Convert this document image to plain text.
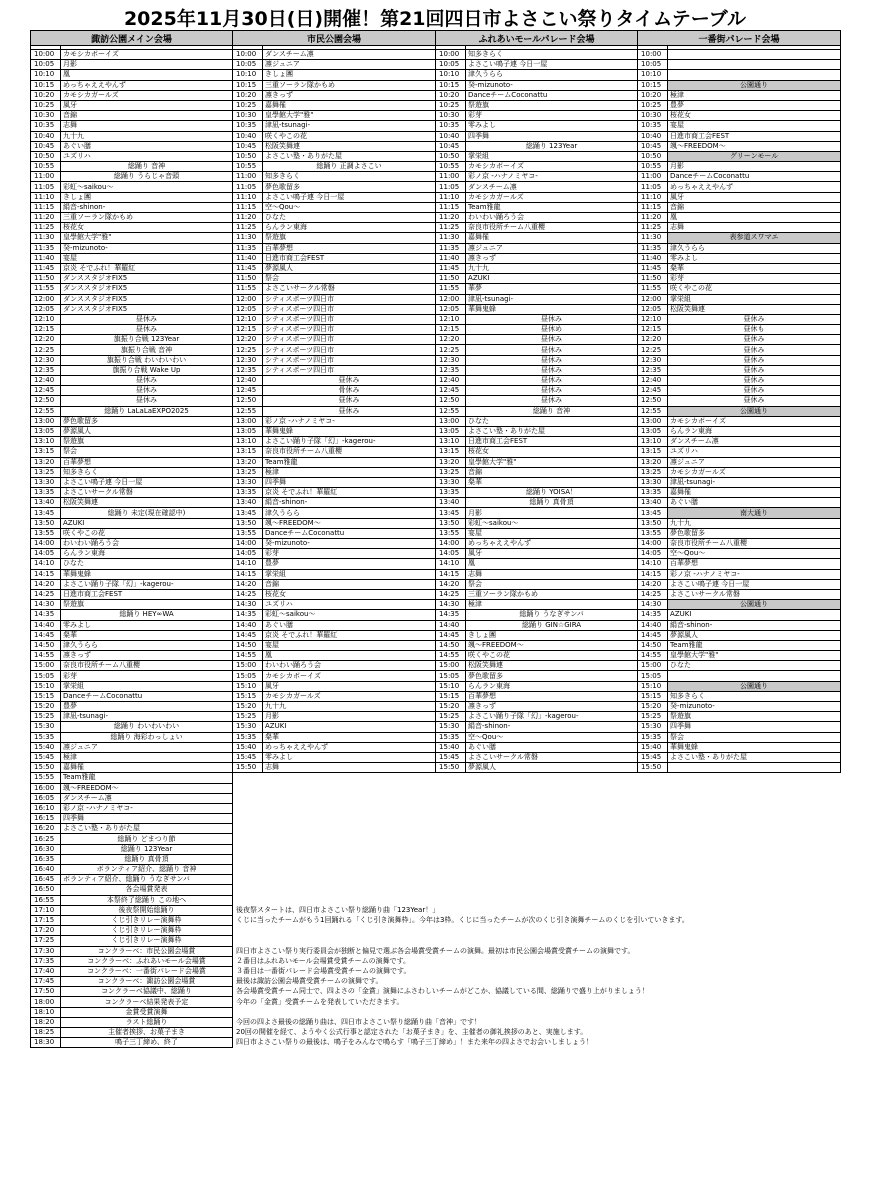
2025年11月30日(日)開催！第21回四日市よさこい祭りタイムテーブル
諏訪公園メイン会場		市民公園会場		ふれあいモールパレード会場		一番街パレード会場	

10:00	カモシカボーイズ	10:00	ダンスチーム凛	10:00	知多きらく	10:00	
10:05	月影	10:05	凛ジュニア	10:05	よさこい鳴子連 今日一屋	10:05	
10:10	凰	10:10	きしょ團	10:10	津久うらら	10:10	
10:15	めっちゃええやんず	10:15	三重ソーラン隊かもめ	10:15	癸-mizunoto-	10:15	公園通り
10:20	カモシカガールズ	10:20	凛きっず	10:20	DanceチームCoconattu	10:20	極津
10:25	風牙	10:25	嘉舞罹	10:25	祭遊旗	10:25	豊夢
10:30	音錦	10:30	皇學館大学"雅"	10:30	彩芽	10:30	桜花女
10:35	志舞	10:35	津凪-tsunagi-	10:35	零みよし	10:35	宴屋
10:40	九十九	10:40	咲くやこの花	10:40	四季舞	10:40	日進市商工会FEST
10:45	あぐい膳	10:45	松阪笑舞連	10:45	総踊り 123Year	10:45	颯〜FREEDOM〜
10:50	ユズリハ	10:50	よさこい塾・ありがた屋	10:50	掌栄組	10:50	グリーンモール
10:55	総踊り 音神	10:55	総踊り 正調よさこい	10:55	カモシカボーイズ	10:55	月影
11:00	総踊り うらじゃ音頭	11:00	知多きらく	11:00	彩ノ京 -ハナノミヤコ-	11:00	DanceチームCoconattu
11:05	彩虹〜saikou〜	11:05	夢色歌留多	11:05	ダンスチーム凛	11:05	めっちゃええやんず
11:10	きしょ團	11:10	よさこい鳴子連 今日一屋	11:10	カモシカガールズ	11:10	風牙
11:15	絹音-shinon-	11:15	空〜Qou〜	11:15	Team雅龍	11:15	音錦
11:20	三重ソーラン隊かもめ	11:20	ひなた	11:20	わいわい踊ろう会	11:20	凰
11:25	桜花女	11:25	らんラン東海	11:25	奈良市役所チーム八重櫻	11:25	志舞
11:30	皇學館大学"雅"	11:30	祭遊旗	11:30	嘉舞罹	11:30	表参道スワマエ
11:35	癸-mizunoto-	11:35	百華夢想	11:35	凛ジュニア	11:35	津久うらら
11:40	宴屋	11:40	日進市商工会FEST	11:40	凛きっず	11:40	零みよし
11:45	京炎 そでふれ！華羅紅	11:45	夢源風人	11:45	九十九	11:45	粲華
11:50	ダンススタジオFIX5	11:50	祭会	11:50	AZUKI	11:50	彩芽
11:55	ダンススタジオFIX5	11:55	よさこいサークル常磐	11:55	華夢	11:55	咲くやこの花
12:00	ダンススタジオFIX5	12:00	シティスポーツ四日市	12:00	津凪-tsunagi-	12:00	掌栄組
12:05	ダンススタジオFIX5	12:05	シティスポーツ四日市	12:05	華舞鬼蜂	12:05	松阪笑舞連
12:10	昼休み	12:10	シティスポーツ四日市	12:10	昼休み	12:10	昼休み
12:15	昼休み	12:15	シティスポーツ四日市	12:15	昼休め	12:15	昼休も
12:20	旗振り合戦 123Year	12:20	シティスポーツ四日市	12:20	昼休み	12:20	昼休み
12:25	旗振り合戦 音神	12:25	シティスポーツ四日市	12:25	昼休み	12:25	昼休み
12:30	旗振り合戦 わいわいわい	12:30	シティスポーツ四日市	12:30	昼休み	12:30	昼休み
12:35	旗振り合戦 Wake Up	12:35	シティスポーツ四日市	12:35	昼休み	12:35	昼休み
12:40	昼休み	12:40	昼休み	12:40	昼休み	12:40	昼休み
12:45	昼休み	12:45	骨休み	12:45	昼休み	12:45	昼休み
12:50	昼休み	12:50	昼休み	12:50	昼休み	12:50	昼休み
12:55	総踊り LaLaLaEXPO2025	12:55	昼休み	12:55	総踊り 音神	12:55	公園通り
13:00	夢色歌留多	13:00	彩ノ京 -ハナノミヤコ-	13:00	ひなた	13:00	カモシカボーイズ
13:05	夢源風人	13:05	華舞鬼蜂	13:05	よさこい塾・ありがた屋	13:05	らんラン東海
13:10	祭遊旗	13:10	よさこい踊り子隊「幻」-kagerou-	13:10	日進市商工会FEST	13:10	ダンスチーム凛
13:15	祭会	13:15	奈良市役所チーム八重櫻	13:15	桜花女	13:15	ユズリハ
13:20	百華夢想	13:20	Team雅龍	13:20	皇學館大学"雅"	13:20	凛ジュニア
13:25	知多きらく	13:25	極津	13:25	音錦	13:25	カモシカガールズ
13:30	よさこい鳴子連 今日一屋	13:30	四季舞	13:30	粲華	13:30	津凪-tsunagi-
13:35	よさこいサークル常磐	13:35	京炎 そでふれ！華羅紅	13:35	総踊り YOISA！	13:35	嘉舞罹
13:40	松阪笑舞連	13:40	絹音-shinon-	13:40	総踊り 真骨頂	13:40	あぐい膳
13:45	総踊り 未定(現在確認中)	13:45	津久うらら	13:45	月影	13:45	南大通り
13:50	AZUKI	13:50	颯〜FREEDOM〜	13:50	彩虹〜saikou〜	13:50	九十九
13:55	咲くやこの花	13:55	DanceチームCoconattu	13:55	宴屋	13:55	夢色歌留多
14:00	わいわい踊ろう会	14:00	癸-mizunoto-	14:00	めっちゃええやんず	14:00	奈良市役所チーム八重櫻
14:05	らんラン東海	14:05	彩芽	14:05	風牙	14:05	空〜Qou〜
14:10	ひなた	14:10	豊夢	14:10	凰	14:10	百華夢想
14:15	華舞鬼蜂	14:15	掌栄組	14:15	志舞	14:15	彩ノ京 -ハナノミヤコ-
14:20	よさこい踊り子隊「幻」-kagerou-	14:20	音錦	14:20	祭会	14:20	よさこい鳴子連 今日一屋
14:25	日進市商工会FEST	14:25	桜花女	14:25	三重ソーラン隊かもめ	14:25	よさこいサークル常磐
14:30	祭遊旗	14:30	ユズリハ	14:30	極津	14:30	公園通り
14:35	総踊り HEY∞WA	14:35	彩虹〜saikou〜	14:35	総踊り うなぎサンバ	14:35	AZUKI
14:40	零みよし	14:40	あぐい膳	14:40	総踊り GIN☆GIRA	14:40	絹音-shinon-
14:45	粲華	14:45	京炎 そでふれ！華羅紅	14:45	きしょ團	14:45	夢源風人
14:50	津久うらら	14:50	宴屋	14:50	颯〜FREEDOM〜	14:50	Team雅龍
14:55	凛きっず	14:55	凰	14:55	咲くやこの花	14:55	皇學館大学"雅"
15:00	奈良市役所チーム八重櫻	15:00	わいわい踊ろう会	15:00	松阪笑舞連	15:00	ひなた
15:05	彩芽	15:05	カモシカボーイズ	15:05	夢色歌留多	15:05	
15:10	掌栄組	15:10	風牙	15:10	らんラン東海	15:10	公園通り
15:15	DanceチームCoconattu	15:15	カモシカガールズ	15:15	百華夢想	15:15	知多きらく
15:20	豊夢	15:20	九十九	15:20	凛きっず	15:20	癸-mizunoto-
15:25	津凪-tsunagi-	15:25	月影	15:25	よさこい踊り子隊「幻」-kagerou-	15:25	祭遊旗
15:30	総踊り わいわいわい	15:30	AZUKI	15:30	絹音-shinon-	15:30	四季舞
15:35	総踊り 海彩わっしょい	15:35	粲華	15:35	空〜Qou〜	15:35	祭会
15:40	凛ジュニア	15:40	めっちゃええやんず	15:40	あぐい膳	15:40	華舞鬼蜂
15:45	極津	15:45	零みよし	15:45	よさこいサークル常磐	15:45	よさこい塾・ありがた屋
15:50	嘉舞罹	15:50	志舞	15:50	夢源風人	15:50	
15:55	Team雅龍						
16:00	颯〜FREEDOM〜						
16:05	ダンスチーム凛						
16:10	彩ノ京 -ハナノミヤコ-						
16:15	四季舞						
16:20	よさこい塾・ありがた屋						
16:25	総踊り どまつり節						
16:30	総踊り 123Year						
16:35	総踊り 真骨頂						
16:40	ボランティア紹介、総踊り 音神						
16:45	ボランティア紹介、総踊り うなぎサンバ						
16:50	各会場賞発表						
16:55	本祭終了総踊り この地へ						
17:10	後夜祭開始総踊り	後夜祭スタートは、四日市よさこい祭り総踊り曲「123Year！」					
17:15	くじ引きリレー演舞枠	くじに当ったチームがもう1回踊れる「くじ引き演舞枠」。今年は3枠。くじに当ったチームが次のくじ引き演舞チームのくじを引いていきます。					
17:20	くじ引きリレー演舞枠						
17:25	くじ引きリレー演舞枠						
17:30	コンクラーベ：市民公園会場賞	四日市よさこい祭り実行委員会が独断と偏見で選ぶ各会場賞受賞チームの演舞。最初は市民公園会場賞受賞チームの演舞です。					
17:35	コンクラーベ：ふれあいモール会場賞	２番目はふれあいモール会場賞受賞チームの演舞です。					
17:40	コンクラーベ：一番街パレード会場賞	３番目は一番街パレード会場賞受賞チームの演舞です。					
17:45	コンクラーベ：諏訪公園会場賞	最後は諏訪公園会場賞受賞チームの演舞です。					
17:50	コンクラーベ協議中、総踊り	各会場賞受賞チーム同士で、四よさの「金賞」演舞にふさわしいチームがどこか、協議している間、総踊りで盛り上がりましょう！					
18:00	コンクラーベ結果発表予定	今年の「金賞」受賞チームを発表していただきます。					
18:10	金賞受賞演舞						
18:20	ラスト総踊り	今回の四よさ最後の総踊り曲は、四日市よさこい祭り総踊り曲「音神」です！					
18:25	主催者挨拶、お菓子まき	20回の開催を経て、ようやく公式行事と認定された「お菓子まき」を、主催者の御礼挨拶のあと、実施します。					
18:30	鳴子三丁締め、終了	四日市よさこい祭りの最後は、鳴子をみんなで鳴らす「鳴子三丁締め」！また来年の四よさでお会いしましょう！					
